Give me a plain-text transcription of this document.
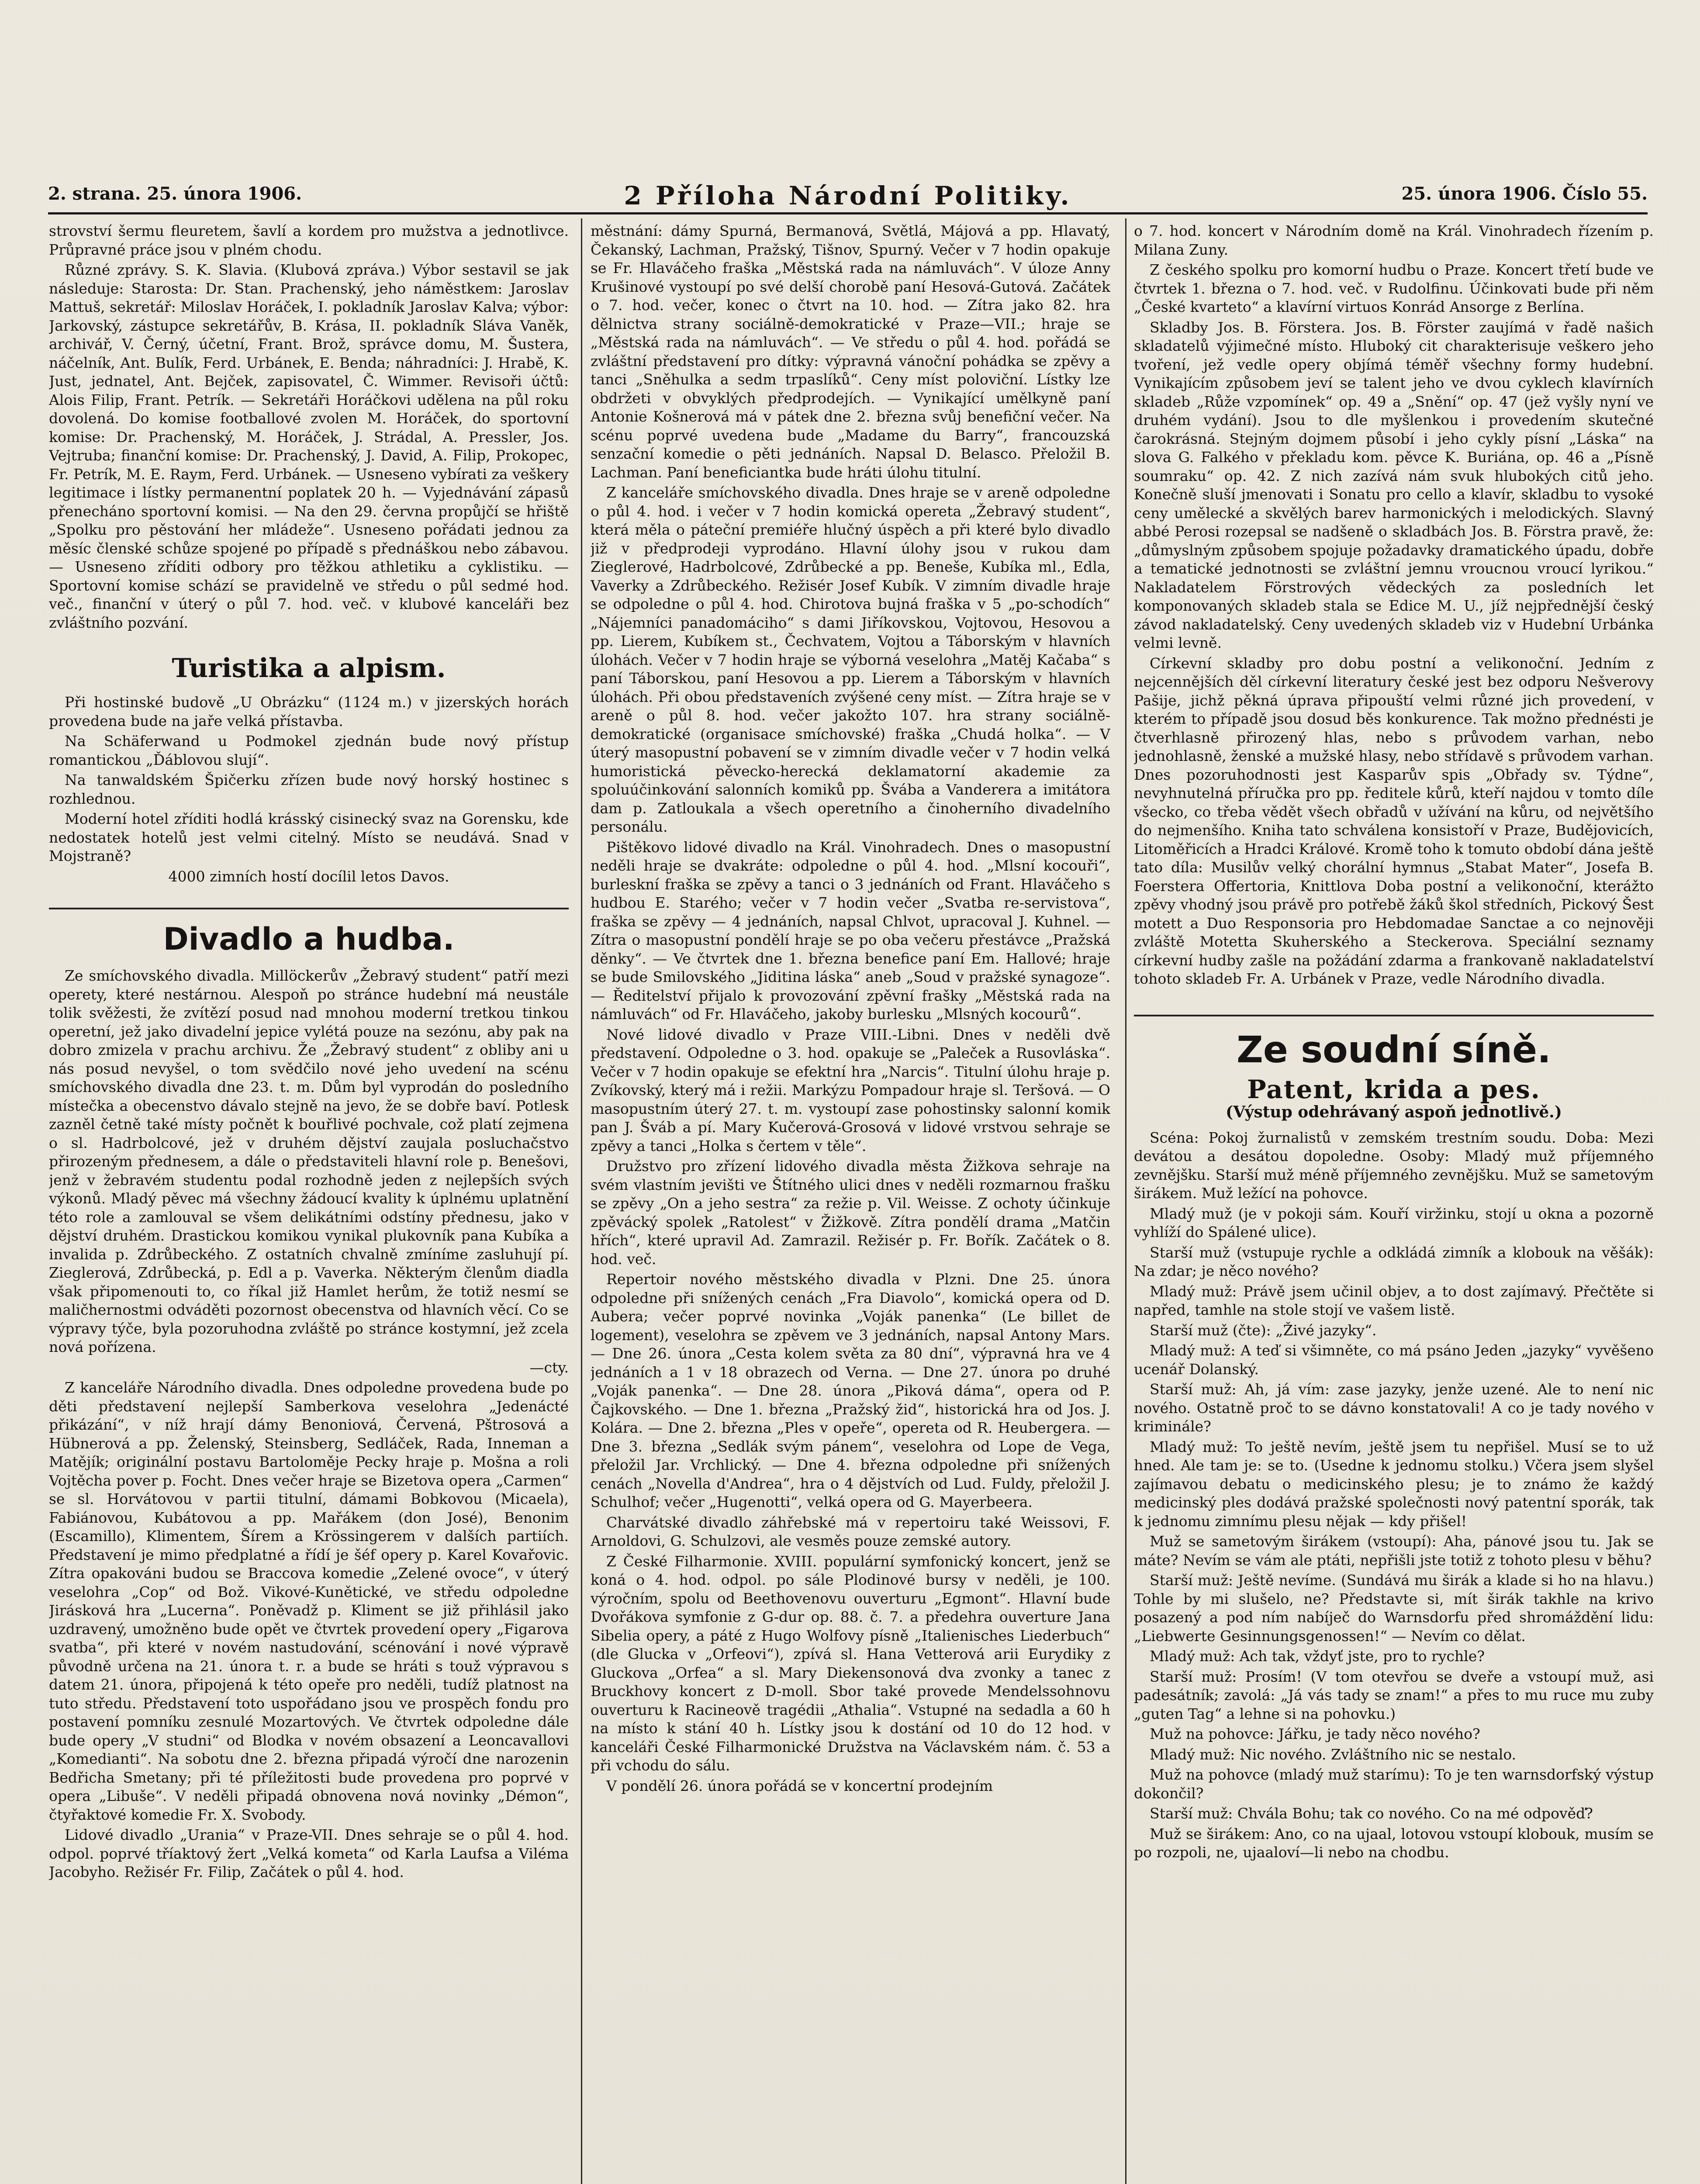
2. strana. 25. února 1906.	2 Příloha Národní Politiky.	25. února 1906. Číslo 55.

strovství šermu fleuretem, šavlí a kordem pro mužstva a jednotlivce. Průpravné práce jsou v plném chodu.

Různé zprávy. S. K. Slavia. (Klubová zpráva.) Výbor sestavil se jak následuje: Starosta: Dr. Stan. Prachenský, jeho náměstkem: Jaroslav Mattuš, sekretář: Miloslav Horáček, I. pokladník Jaroslav Kalva; výbor: Jarkovský, zástupce sekretářův, B. Krása, II. pokladník Sláva Vaněk, archivář, V. Černý, účetní, Frant. Brož, správce domu, M. Šustera, náčelník, Ant. Bulík, Ferd. Urbánek, E. Benda; náhradníci: J. Hrabě, K. Just, jednatel, Ant. Bejček, zapisovatel, Č. Wimmer. Revisoři účtů: Alois Filip, Frant. Petrík. — Sekretáři Horáčkovi udělena na půl roku dovolená. Do komise footballové zvolen M. Horáček, do sportovní komise: Dr. Prachenský, M. Horáček, J. Strádal, A. Pressler, Jos. Vejtruba; finanční komise: Dr. Prachenský, J. David, A. Filip, Prokopec, Fr. Petrík, M. E. Raym, Ferd. Urbánek. — Usneseno vybírati za veškery legitimace i lístky permanentní poplatek 20 h. — Vyjednávání zápasů přenecháno sportovní komisi. — Na den 29. června propůjčí se hřiště „Spolku pro pěstování her mládeže“. Usneseno pořádati jednou za měsíc členské schůze spojené po případě s přednáškou nebo zábavou. — Usneseno zříditi odbory pro těžkou athletiku a cyklistiku. — Sportovní komise schází se pravidelně ve středu o půl sedmé hod. več., finanční v úterý o půl 7. hod. več. v klubové kanceláři bez zvláštního pozvání.

Turistika a alpism.

Při hostinské budově „U Obrázku“ (1124 m.) v jizerských horách provedena bude na jaře velká přístavba.

Na Schäferwand u Podmokel zjednán bude nový přístup romantickou „Ďáblovou slují“.

Na tanwaldském Špičerku zřízen bude nový horský hostinec s rozhlednou.

Moderní hotel zříditi hodlá krásský cisinecký svaz na Gorensku, kde nedostatek hotelů jest velmi citelný. Místo se neudává. Snad v Mojstraně?

4000 zimních hostí docílil letos Davos.

Divadlo a hudba.

Ze smíchovského divadla. Millöckerův „Žebravý student“ patří mezi operety, které nestárnou. Alespoň po stránce hudební má neustále tolik svěžesti, že zvítězí posud nad mnohou moderní tretkou tinkou operetní, jež jako divadelní jepice vylétá pouze na sezónu, aby pak na dobro zmizela v prachu archivu. Že „Žebravý student“ z obliby ani u nás posud nevyšel, o tom svědčilo nové jeho uvedení na scénu smíchovského divadla dne 23. t. m. Dům byl vyprodán do posledního místečka a obecenstvo dávalo stejně na jevo, že se dobře baví. Potlesk zazněl četně také místy počnět k bouřlivé pochvale, což platí zejmena o sl. Hadrbolcové, jež v druhém dějství zaujala posluchačstvo přirozeným přednesem, a dále o představiteli hlavní role p. Benešovi, jenž v žebravém studentu podal rozhodně jeden z nejlepších svých výkonů. Mladý pěvec má všechny žádoucí kvality k úplnému uplatnění této role a zamlouval se všem delikátními odstíny přednesu, jako v dějství druhém. Drastickou komikou vynikal plukovník pana Kubíka a invalida p. Zdrůbeckého. Z ostatních chvalně zmíníme zasluhují pí. Zieglerová, Zdrůbecká, p. Edl a p. Vaverka. Některým členům diadla však připomenouti to, co říkal již Hamlet herům, že totiž nesmí se maličhernostmi odváděti pozornost obecenstva od hlavních věcí. Co se výpravy týče, byla pozoruhodna zvláště po stránce kostymní, jež zcela nová pořízena.

—cty.

Z kanceláře Národního divadla. Dnes odpoledne provedena bude po děti představení nejlepší Samberkova veselohra „Jedenácté přikázání“, v níž hrají dámy Benoniová, Červená, Pštrosová a Hübnerová a pp. Želenský, Steinsberg, Sedláček, Rada, Inneman a Matějík; originální postavu Bartoloměje Pecky hraje p. Mošna a roli Vojtěcha pover p. Focht. Dnes večer hraje se Bizetova opera „Carmen“ se sl. Horvátovou v partii titulní, dámami Bobkovou (Micaela), Fabiánovou, Kubátovou a pp. Mařákem (don José), Benonim (Escamillo), Klimentem, Šírem a Krössingerem v dalších partiích. Představení je mimo předplatné a řídí je šéf opery p. Karel Kovařovic. Zítra opakováni budou se Braccova komedie „Zelené ovoce“, v úterý veselohra „Cop“ od Bož. Vikové-Kunětické, ve středu odpoledne Jirásková hra „Lucerna“. Poněvadž p. Kliment se již přihlásil jako uzdravený, umožněno bude opět ve čtvrtek provedení opery „Figarova svatba“, při které v novém nastudování, scénování i nové výpravě původně určena na 21. února t. r. a bude se hráti s touž výpravou s datem 21. února, připojená k této opeře pro neděli, tudíž platnost na tuto středu. Představení toto uspořádano jsou ve prospěch fondu pro postavení pomníku zesnulé Mozartových. Ve čtvrtek odpoledne dále bude opery „V studni“ od Blodka v novém obsazení a Leoncavallovi „Komedianti“. Na sobotu dne 2. března připadá výročí dne narozenin Bedřicha Smetany; při té příležitosti bude provedena pro poprvé v opera „Libuše“. V neděli připadá obnovena nová novinky „Démon“, čtyřaktové komedie Fr. X. Svobody.

Lidové divadlo „Urania“ v Praze-VII. Dnes sehraje se o půl 4. hod. odpol. poprvé tříaktový žert „Velká kometa“ od Karla Laufsa a Viléma Jacobyho. Režisér Fr. Filip, Začátek o půl 4. hod.

městnání: dámy Spurná, Bermanová, Světlá, Májová a pp. Hlavatý, Čekanský, Lachman, Pražský, Tišnov, Spurný. Večer v 7 hodin opakuje se Fr. Hlaváčeho fraška „Městská rada na námluvách“. V úloze Anny Krušinové vystoupí po své delší chorobě paní Hesová-Gutová. Začátek o 7. hod. večer, konec o čtvrt na 10. hod. — Zítra jako 82. hra dělnictva strany sociálně-demokratické v Praze—VII.; hraje se „Městská rada na námluvách“. — Ve středu o půl 4. hod. pořádá se zvláštní představení pro dítky: výpravná vánoční pohádka se zpěvy a tanci „Sněhulka a sedm trpaslíků“. Ceny míst poloviční. Lístky lze obdržeti v obvyklých předprodejích. — Vynikající umělkyně paní Antonie Košnerová má v pátek dne 2. března svůj benefiční večer. Na scénu poprvé uvedena bude „Madame du Barry“, francouzská senzační komedie o pěti jednáních. Napsal D. Belasco. Přeložil B. Lachman. Paní beneficiantka bude hráti úlohu titulní.

Z kanceláře smíchovského divadla. Dnes hraje se v areně odpoledne o půl 4. hod. i večer v 7 hodin komická opereta „Žebravý student“, která měla o páteční premiéře hlučný úspěch a při které bylo divadlo již v předprodeji vyprodáno. Hlavní úlohy jsou v rukou dam Zieglerové, Hadrbolcové, Zdrůbecké a pp. Beneše, Kubíka ml., Edla, Vaverky a Zdrůbeckého. Režisér Josef Kubík. V zimním divadle hraje se odpoledne o půl 4. hod. Chirotova bujná fraška v 5 „po-schodích“ „Nájemníci panadomáciho“ s dami Jiříkovskou, Vojtovou, Hesovou a pp. Lierem, Kubíkem st., Čechvatem, Vojtou a Táborským v hlavních úlohách. Večer v 7 hodin hraje se výborná veselohra „Matěj Kačaba“ s paní Táborskou, paní Hesovou a pp. Lierem a Táborským v hlavních úlohách. Při obou představeních zvýšené ceny míst. — Zítra hraje se v areně o půl 8. hod. večer jakožto 107. hra strany sociálně-demokratické (organisace smíchovské) fraška „Chudá holka“. — V úterý masopustní pobavení se v zimním divadle večer v 7 hodin velká humoristická pěvecko-herecká deklamatorní akademie za spoluúčinkování salonních komiků pp. Švába a Vanderera a imitátora dam p. Zatloukala a všech operetního a činoherního divadelního personálu.

Pištěkovo lidové divadlo na Král. Vinohradech. Dnes o masopustní neděli hraje se dvakráte: odpoledne o půl 4. hod. „Mlsní kocouři“, burleskní fraška se zpěvy a tanci o 3 jednáních od Frant. Hlaváčeho s hudbou E. Starého; večer v 7 hodin večer „Svatba re-servistova“, fraška se zpěvy — 4 jednáních, napsal Chlvot, upracoval J. Kuhnel. — Zítra o masopustní pondělí hraje se po oba večeru přestávce „Pražská děnky“. — Ve čtvrtek dne 1. března benefice paní Em. Hallové; hraje se bude Smilovského „Jiditina láska“ aneb „Soud v pražské synagoze“. — Ředitelství přijalo k provozování zpěvní frašky „Městská rada na námluvách“ od Fr. Hlaváčeho, jakoby burlesku „Mlsných kocourů“.

Nové lidové divadlo v Praze VIII.-Libni. Dnes v neděli dvě představení. Odpoledne o 3. hod. opakuje se „Paleček a Rusovláska“. Večer v 7 hodin opakuje se efektní hra „Narcis“. Titulní úlohu hraje p. Zvíkovský, který má i režii. Markýzu Pompadour hraje sl. Teršová. — O masopustním úterý 27. t. m. vystoupí zase pohostinsky salonní komik pan J. Šváb a pí. Mary Kučerová-Grosová v lidové vrstvou sehraje se zpěvy a tanci „Holka s čertem v těle“.

Družstvo pro zřízení lidového divadla města Žižkova sehraje na svém vlastním jevišti ve Štítného ulici dnes v neděli rozmarnou frašku se zpěvy „On a jeho sestra“ za režie p. Vil. Weisse. Z ochoty účinkuje zpěvácký spolek „Ratolest“ v Žižkově. Zítra pondělí drama „Matčin hřích“, které upravil Ad. Zamrazil. Režisér p. Fr. Bořík. Začátek o 8. hod. več.

Repertoir nového městského divadla v Plzni. Dne 25. února odpoledne při snížených cenách „Fra Diavolo“, komická opera od D. Aubera; večer poprvé novinka „Voják panenka“ (Le billet de logement), veselohra se zpěvem ve 3 jednáních, napsal Antony Mars. — Dne 26. února „Cesta kolem světa za 80 dní“, výpravná hra ve 4 jednáních a 1 v 18 obrazech od Verna. — Dne 27. února po druhé „Voják panenka“. — Dne 28. února „Piková dáma“, opera od P. Čajkovského. — Dne 1. března „Pražský žid“, historická hra od Jos. J. Kolára. — Dne 2. března „Ples v opeře“, opereta od R. Heubergera. — Dne 3. března „Sedlák svým pánem“, veselohra od Lope de Vega, přeložil Jar. Vrchlický. — Dne 4. března odpoledne při snížených cenách „Novella d'Andrea“, hra o 4 dějstvích od Lud. Fuldy, přeložil J. Schulhof; večer „Hugenotti“, velká opera od G. Mayerbeera.

Charvátské divadlo záhřebské má v repertoiru také Weissovi, F. Arnoldovi, G. Schulzovi, ale vesměs pouze zemské autory.

Z České Filharmonie. XVIII. populární symfonický koncert, jenž se koná o 4. hod. odpol. po sále Plodinové bursy v neděli, je 100. výročním, spolu od Beethovenovu ouverturu „Egmont“. Hlavní bude Dvořákova symfonie z G-dur op. 88. č. 7. a předehra ouverture Jana Sibelia opery, a páté z Hugo Wolfovy písně „Italienisches Liederbuch“ (dle Glucka v „Orfeovi“), zpívá sl. Hana Vetterová arii Eurydiky z Gluckova „Orfea“ a sl. Mary Diekensonová dva zvonky a tanec z Bruckhovy koncert z D-moll. Sbor také provede Mendelssohnovu ouverturu k Racineově tragédii „Athalia“. Vstupné na sedadla a 60 h na místo k stání 40 h. Lístky jsou k dostání od 10 do 12 hod. v kanceláři České Filharmonické Družstva na Václavském nám. č. 53 a při vchodu do sálu.

V pondělí 26. února pořádá se v koncertní prodejním

o 7. hod. koncert v Národním domě na Král. Vinohradech řízením p. Milana Zuny.

Z českého spolku pro komorní hudbu o Praze. Koncert třetí bude ve čtvrtek 1. března o 7. hod. več. v Rudolfinu. Účinkovati bude při něm „České kvarteto“ a klavírní virtuos Konrád Ansorge z Berlína.

Skladby Jos. B. Förstera. Jos. B. Förster zaujímá v řadě našich skladatelů výjimečné místo. Hluboký cit charakterisuje veškero jeho tvoření, jež vedle opery objímá téměř všechny formy hudební. Vynikajícím způsobem jeví se talent jeho ve dvou cyklech klavírních skladeb „Růže vzpomínek“ op. 49 a „Snění“ op. 47 (jež vyšly nyní ve druhém vydání). Jsou to dle myšlenkou i provedením skutečné čarokrásná. Stejným dojmem působí i jeho cykly písní „Láska“ na slova G. Falkého v překladu kom. pěvce K. Buriána, op. 46 a „Písně soumraku“ op. 42. Z nich zazívá nám svuk hlubokých citů jeho. Konečně sluší jmenovati i Sonatu pro cello a klavír, skladbu to vysoké ceny umělecké a skvělých barev harmonických i melodických. Slavný abbé Perosi rozepsal se nadšeně o skladbách Jos. B. Förstra pravě, že: „důmyslným způsobem spojuje požadavky dramatického úpadu, dobře a tematické jednotnosti se zvláštní jemnu vroucnou vroucí lyrikou.“ Nakladatelem Förstrových vědeckých za posledních let komponovaných skladeb stala se Edice M. U., jíž nejpřednější český závod nakladatelský. Ceny uvedených skladeb viz v Hudební Urbánka velmi levně.

Církevní skladby pro dobu postní a velikonoční. Jedním z nejcennějších děl církevní literatury české jest bez odporu Nešverovy Pašije, jichž pěkná úprava připouští velmi různé jich provedení, v kterém to případě jsou dosud běs konkurence. Tak možno přednésti je čtverhlasně přirozený hlas, nebo s průvodem varhan, nebo jednohlasně, ženské a mužské hlasy, nebo střídavě s průvodem varhan. Dnes pozoruhodnosti jest Kasparův spis „Obřady sv. Týdne“, nevyhnutelná příručka pro pp. ředitele kůrů, kteří najdou v tomto díle všecko, co třeba vědět všech obřadů v užívání na kůru, od největšího do nejmenšího. Kniha tato schválena konsistoří v Praze, Budějovicích, Litoměřicích a Hradci Králové. Kromě toho k tomuto období dána ještě tato díla: Musilův velký chorální hymnus „Stabat Mater“, Josefa B. Foerstera Offertoria, Knittlova Doba postní a velikonoční, kterážto zpěvy vhodný jsou právě pro potřebě žáků škol středních, Pickový Šest motett a Duo Responsoria pro Hebdomadae Sanctae a co nejnověji zvláště Motetta Skuherského a Steckerova. Speciální seznamy církevní hudby zašle na požádání zdarma a frankovaně nakladatelství tohoto skladeb Fr. A. Urbánek v Praze, vedle Národního divadla.

Ze soudní síně.
Patent, krida a pes.
(Výstup odehrávaný aspoň jednotlivě.)

Scéna: Pokoj žurnalistů v zemském trestním soudu. Doba: Mezi devátou a desátou dopoledne. Osoby: Mladý muž příjemného zevnějšku. Starší muž méně příjemného zevnějšku. Muž se sametovým širákem. Muž ležící na pohovce.

Mladý muž (je v pokoji sám. Kouří viržinku, stojí u okna a pozorně vyhlíží do Spálené ulice).

Starší muž (vstupuje rychle a odkládá zimník a klobouk na věšák): Na zdar; je něco nového?

Mladý muž: Právě jsem učinil objev, a to dost zajímavý. Přečtěte si napřed, tamhle na stole stojí ve vašem listě.

Starší muž (čte): „Živé jazyky“.

Mladý muž: A teď si všimněte, co má psáno Jeden „jazyky“ vyvěšeno ucenář Dolanský.

Starší muž: Ah, já vím: zase jazyky, jenže uzené. Ale to není nic nového. Ostatně proč to se dávno konstatovali! A co je tady nového v kriminále?

Mladý muž: To ještě nevím, ještě jsem tu nepřišel. Musí se to už hned. Ale tam je: se to. (Usedne k jednomu stolku.) Včera jsem slyšel zajímavou debatu o medicinského plesu; je to známo že každý medicinský ples dodává pražské společnosti nový patentní sporák, tak k jednomu zimnímu plesu nějak — kdy přišel!

Muž se sametovým širákem (vstoupí): Aha, pánové jsou tu. Jak se máte? Nevím se vám ale ptáti, nepřišli jste totiž z tohoto plesu v běhu?

Starší muž: Ještě nevíme. (Sundává mu širák a klade si ho na hlavu.) Tohle by mi slušelo, ne? Představte si, mít širák takhle na krivo posazený a pod ním nabíječ do Warnsdorfu před shromáždění lidu: „Liebwerte Gesinnungsgenossen!“ — Nevím co dělat.

Mladý muž: Ach tak, vždyť jste, pro to rychle?

Starší muž: Prosím! (V tom otevřou se dveře a vstoupí muž, asi padesátník; zavolá: „Já vás tady se znam!“ a přes to mu ruce mu zuby „guten Tag“ a lehne si na pohovku.)

Muž na pohovce: Jářku, je tady něco nového?

Mladý muž: Nic nového. Zvláštního nic se nestalo.

Muž na pohovce (mladý muž starímu): To je ten warnsdorfský výstup dokončil?

Starší muž: Chvála Bohu; tak co nového. Co na mé odpověď?

Muž se širákem: Ano, co na ujaal, lotovou vstoupí klobouk, musím se po rozpoli, ne, ujaaloví—li nebo na chodbu.
